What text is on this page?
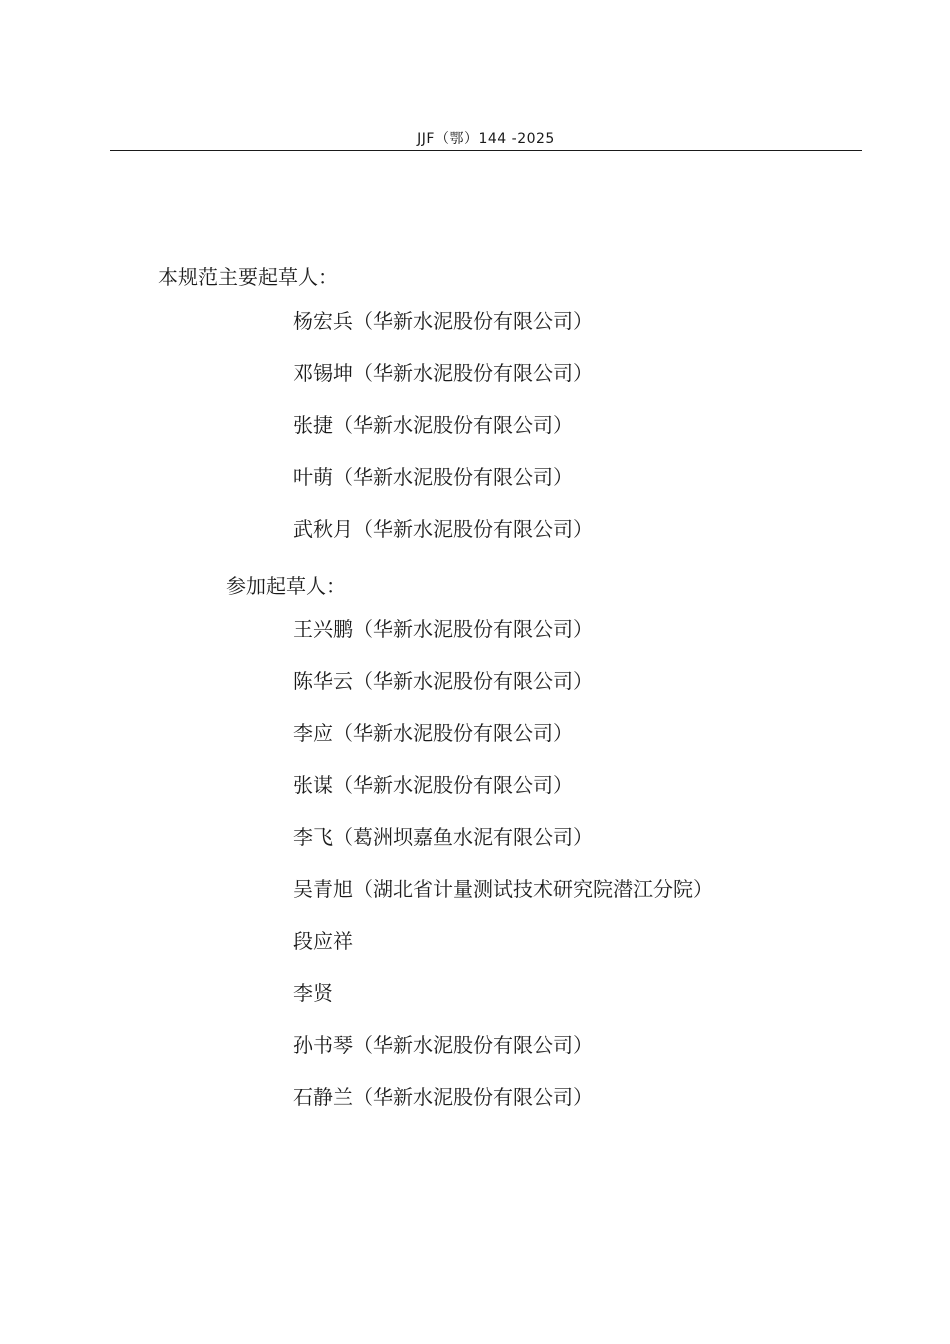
JJF（鄂）144 -2025
本规范主要起草人：
杨宏兵（华新水泥股份有限公司）
邓锡坤（华新水泥股份有限公司）
张捷（华新水泥股份有限公司）
叶萌（华新水泥股份有限公司）
武秋月（华新水泥股份有限公司）
参加起草人：
王兴鹏（华新水泥股份有限公司）
陈华云（华新水泥股份有限公司）
李应（华新水泥股份有限公司）
张谋（华新水泥股份有限公司）
李飞（葛洲坝嘉鱼水泥有限公司）
吴青旭（湖北省计量测试技术研究院潜江分院）
段应祥
李贤
孙书琴（华新水泥股份有限公司）
石静兰（华新水泥股份有限公司）
